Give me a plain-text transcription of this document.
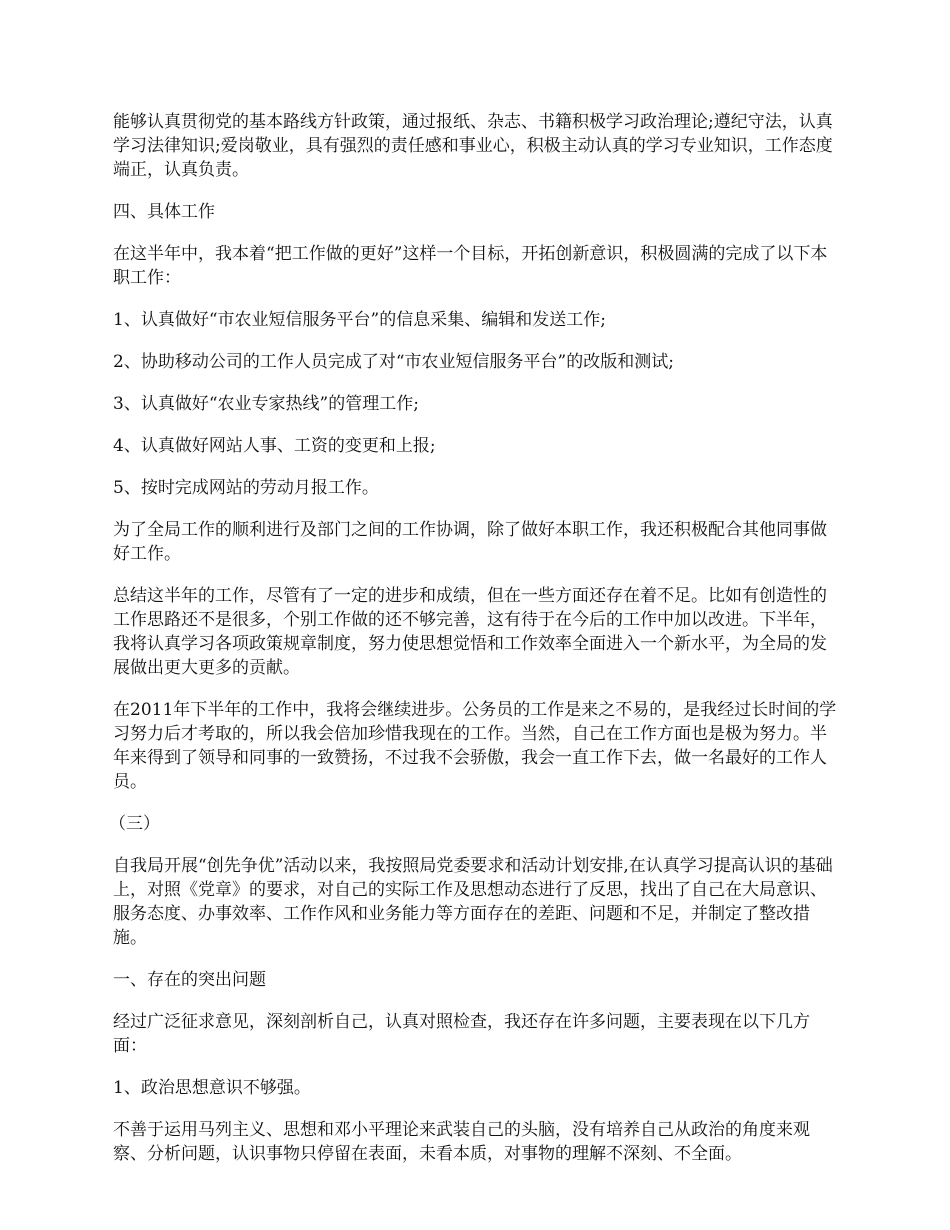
能够认真贯彻党的基本路线方针政策，通过报纸、杂志、书籍积极学习政治理论;遵纪守法，认真学习法律知识;爱岗敬业，具有强烈的责任感和事业心，积极主动认真的学习专业知识，工作态度端正，认真负责。

四、具体工作

在这半年中，我本着“把工作做的更好”这样一个目标，开拓创新意识，积极圆满的完成了以下本职工作：

1、认真做好“市农业短信服务平台”的信息采集、编辑和发送工作;

2、协助移动公司的工作人员完成了对“市农业短信服务平台”的改版和测试;

3、认真做好“农业专家热线”的管理工作;

4、认真做好网站人事、工资的变更和上报;

5、按时完成网站的劳动月报工作。

为了全局工作的顺利进行及部门之间的工作协调，除了做好本职工作，我还积极配合其他同事做好工作。

总结这半年的工作，尽管有了一定的进步和成绩，但在一些方面还存在着不足。比如有创造性的工作思路还不是很多，个别工作做的还不够完善，这有待于在今后的工作中加以改进。下半年，我将认真学习各项政策规章制度，努力使思想觉悟和工作效率全面进入一个新水平，为全局的发展做出更大更多的贡献。

在2011年下半年的工作中，我将会继续进步。公务员的工作是来之不易的，是我经过长时间的学习努力后才考取的，所以我会倍加珍惜我现在的工作。当然，自己在工作方面也是极为努力。半年来得到了领导和同事的一致赞扬，不过我不会骄傲，我会一直工作下去，做一名最好的工作人员。

（三）

自我局开展“创先争优”活动以来，我按照局党委要求和活动计划安排,在认真学习提高认识的基础上，对照《党章》的要求，对自己的实际工作及思想动态进行了反思，找出了自己在大局意识、服务态度、办事效率、工作作风和业务能力等方面存在的差距、问题和不足，并制定了整改措施。

一、存在的突出问题

经过广泛征求意见，深刻剖析自己，认真对照检查，我还存在许多问题，主要表现在以下几方面：

1、政治思想意识不够强。

不善于运用马列主义、思想和邓小平理论来武装自己的头脑，没有培养自己从政治的角度来观察、分析问题，认识事物只停留在表面，未看本质，对事物的理解不深刻、不全面。
